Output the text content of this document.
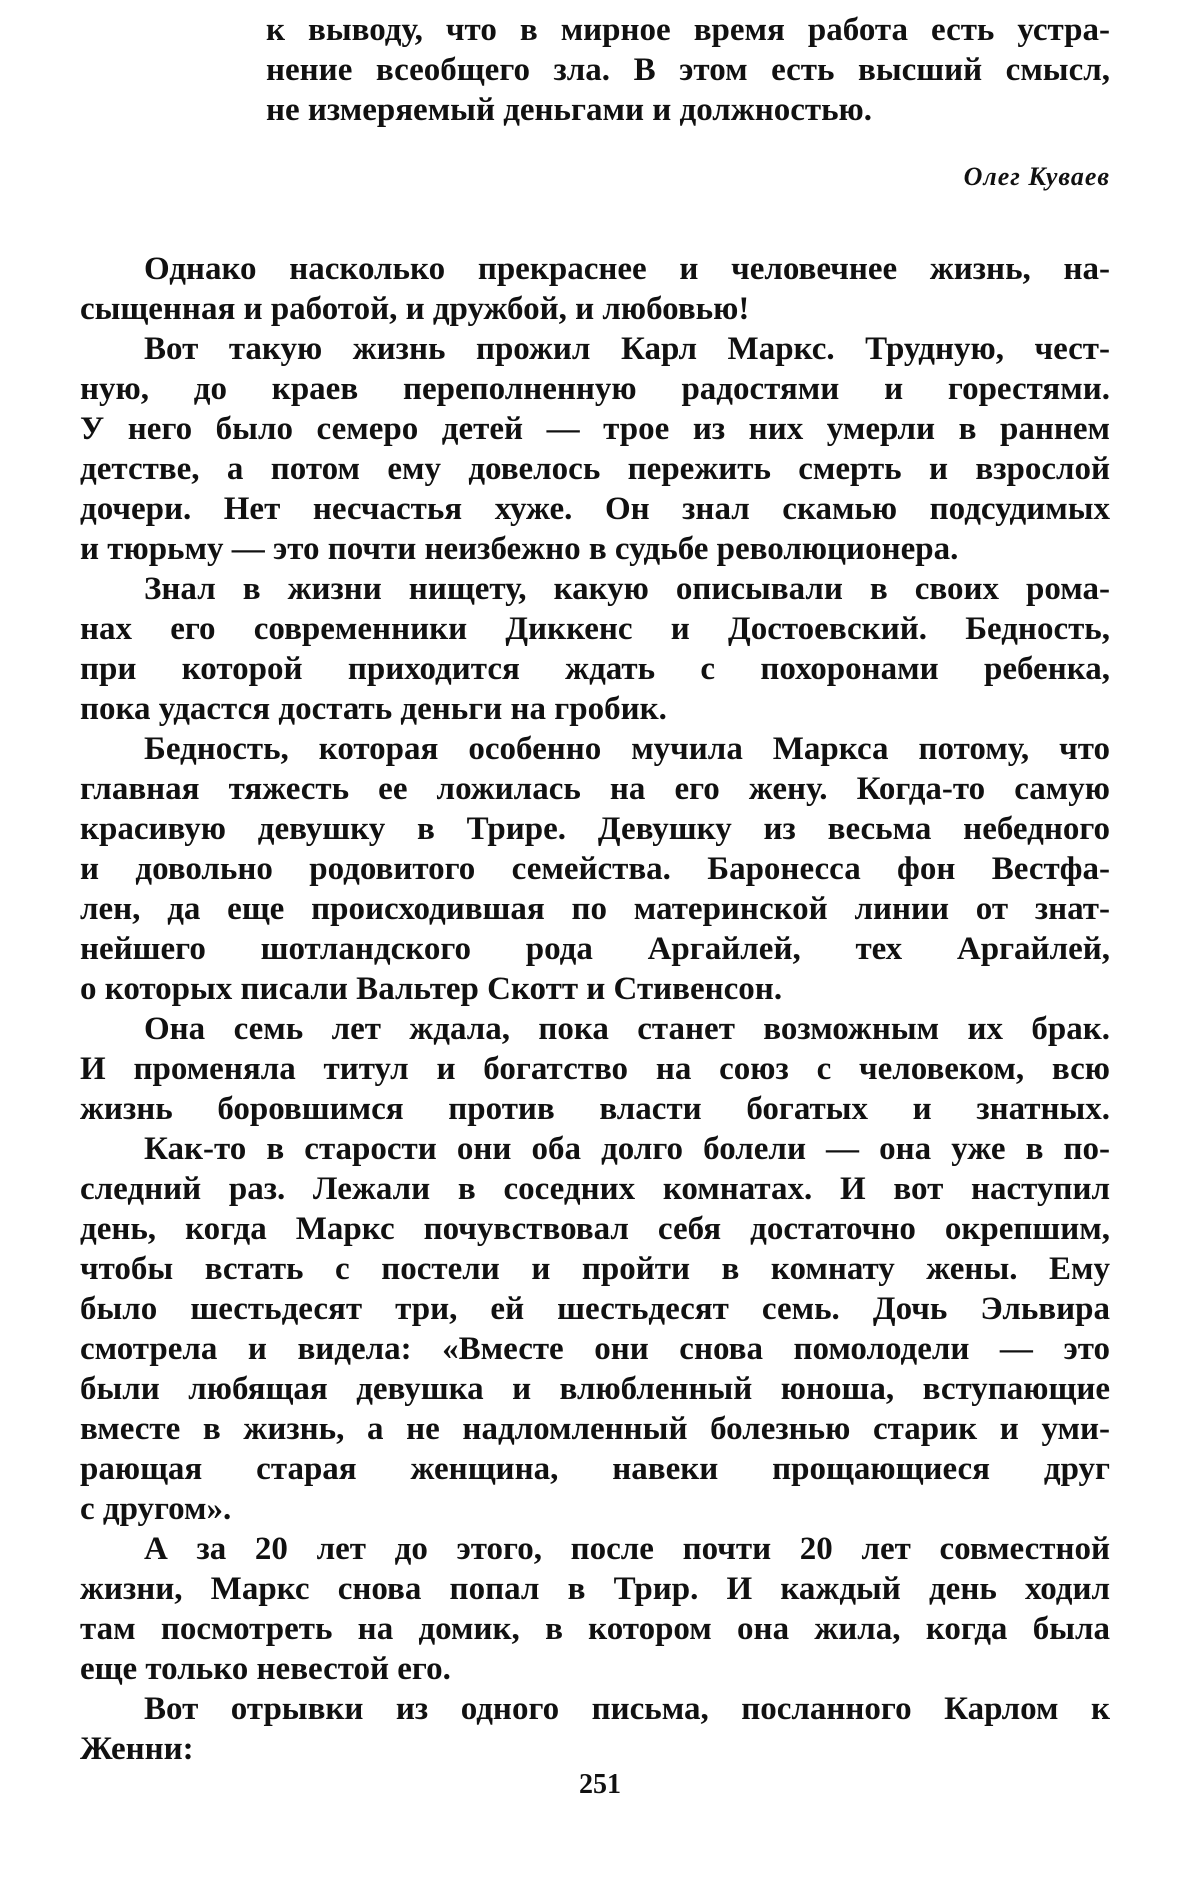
к выводу, что в мирное время работа есть устра-
нение всеобщего зла. В этом есть высший смысл,
не измеряемый деньгами и должностью.
Олег Куваев
Однако насколько прекраснее и человечнее жизнь, на-
сыщенная и работой, и дружбой, и любовью!
Вот такую жизнь прожил Карл Маркс. Трудную, чест-
ную, до краев переполненную радостями и горестями.
У него было семеро детей — трое из них умерли в раннем
детстве, а потом ему довелось пережить смерть и взрослой
дочери. Нет несчастья хуже. Он знал скамью подсудимых
и тюрьму — это почти неизбежно в судьбе революционера.
Знал в жизни нищету, какую описывали в своих рома-
нах его современники Диккенс и Достоевский. Бедность,
при которой приходится ждать с похоронами ребенка,
пока удастся достать деньги на гробик.
Бедность, которая особенно мучила Маркса потому, что
главная тяжесть ее ложилась на его жену. Когда-то самую
красивую девушку в Трире. Девушку из весьма небедного
и довольно родовитого семейства. Баронесса фон Вестфа-
лен, да еще происходившая по материнской линии от знат-
нейшего шотландского рода Аргайлей, тех Аргайлей,
о которых писали Вальтер Скотт и Стивенсон.
Она семь лет ждала, пока станет возможным их брак.
И променяла титул и богатство на союз с человеком, всю
жизнь боровшимся против власти богатых и знатных.
Как-то в старости они оба долго болели — она уже в по-
следний раз. Лежали в соседних комнатах. И вот наступил
день, когда Маркс почувствовал себя достаточно окрепшим,
чтобы встать с постели и пройти в комнату жены. Ему
было шестьдесят три, ей шестьдесят семь. Дочь Эльвира
смотрела и видела: «Вместе они снова помолодели — это
были любящая девушка и влюбленный юноша, вступающие
вместе в жизнь, а не надломленный болезнью старик и уми-
рающая старая женщина, навеки прощающиеся друг
с другом».
А за 20 лет до этого, после почти 20 лет совместной
жизни, Маркс снова попал в Трир. И каждый день ходил
там посмотреть на домик, в котором она жила, когда была
еще только невестой его.
Вот отрывки из одного письма, посланного Карлом к
Женни:
251
